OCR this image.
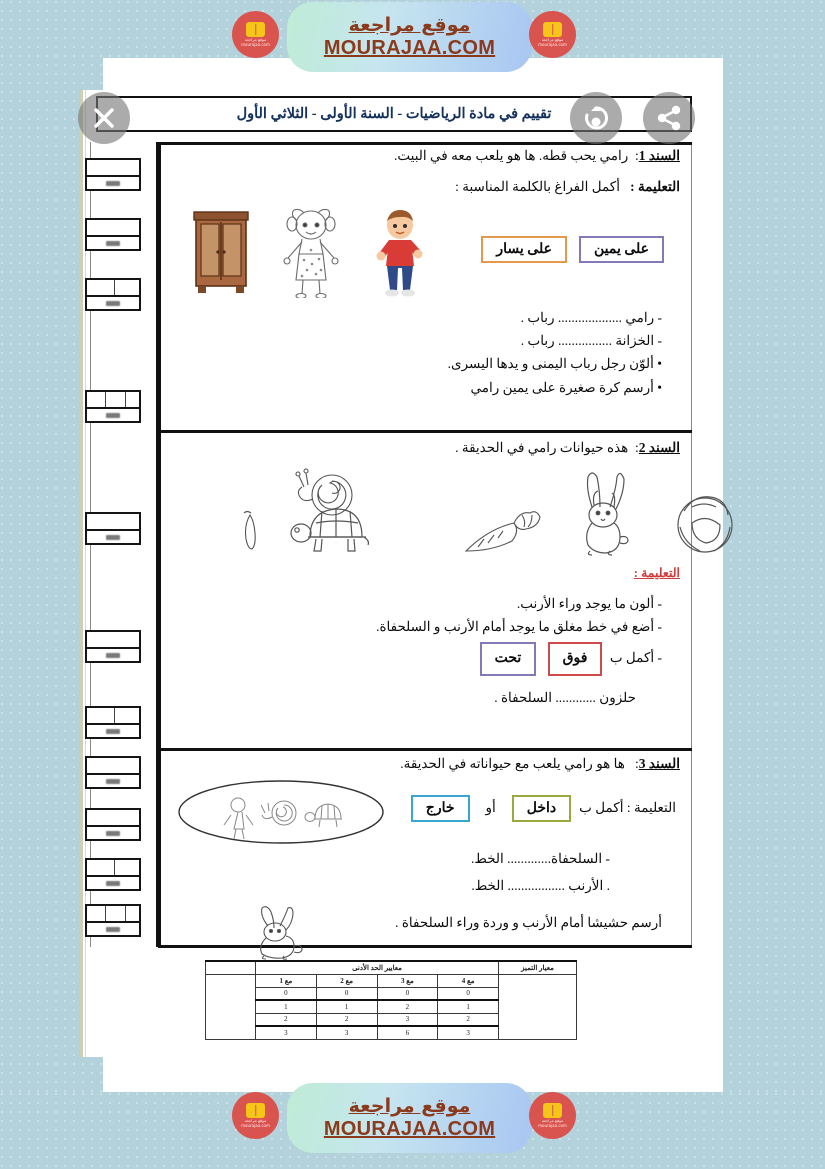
تقييم في مادة الرياضيات - السنة الأولى - الثلاثي الأول
السند 1:  رامي يحب قطه. ها هو يلعب معه في البيت.
التعليمة :   أكمل الفراغ بالكلمة المناسبة :
على يمين على يسار
- رامي ................... رباب .
- الخزانة ................ رباب .
• ألوّن رجل رباب اليمنى و يدها اليسرى.
• أرسم كرة صغيرة على يمين رامي
السند 2:  هذه حيوانات رامي في الحديقة .
التعليمة :
- ألون ما يوجد وراء الأرنب.
- أضع في خط مغلق ما يوجد أمام الأرنب و السلحفاة.
- أكمل ب فوق تحت
حلزون ............ السلحفاة .
السند 3:   ها هو رامي يلعب مع حيواناته في الحديقة.
التعليمة : أكمل ب داخل أو خارج
- السلحفاة............. الخط.
. الأرنب ................. الخط.
أرسم حشيشا أمام الأرنب و وردة وراء السلحفاة .
معيار التميز	معايير الحد الأدنى				
	مع 4	مع 3	مع 2	مع 1	
	0	0	0	0	
	1	2	1	1	
	2	3	2	2	
	3	6	3	3	
موقع مراجعة
MOURAJAA.COM
موقع مراجعة mourajaa.com
موقع مراجعة mourajaa.com
موقع مراجعة
MOURAJAA.COM
موقع مراجعة mourajaa.com
موقع مراجعة mourajaa.com
